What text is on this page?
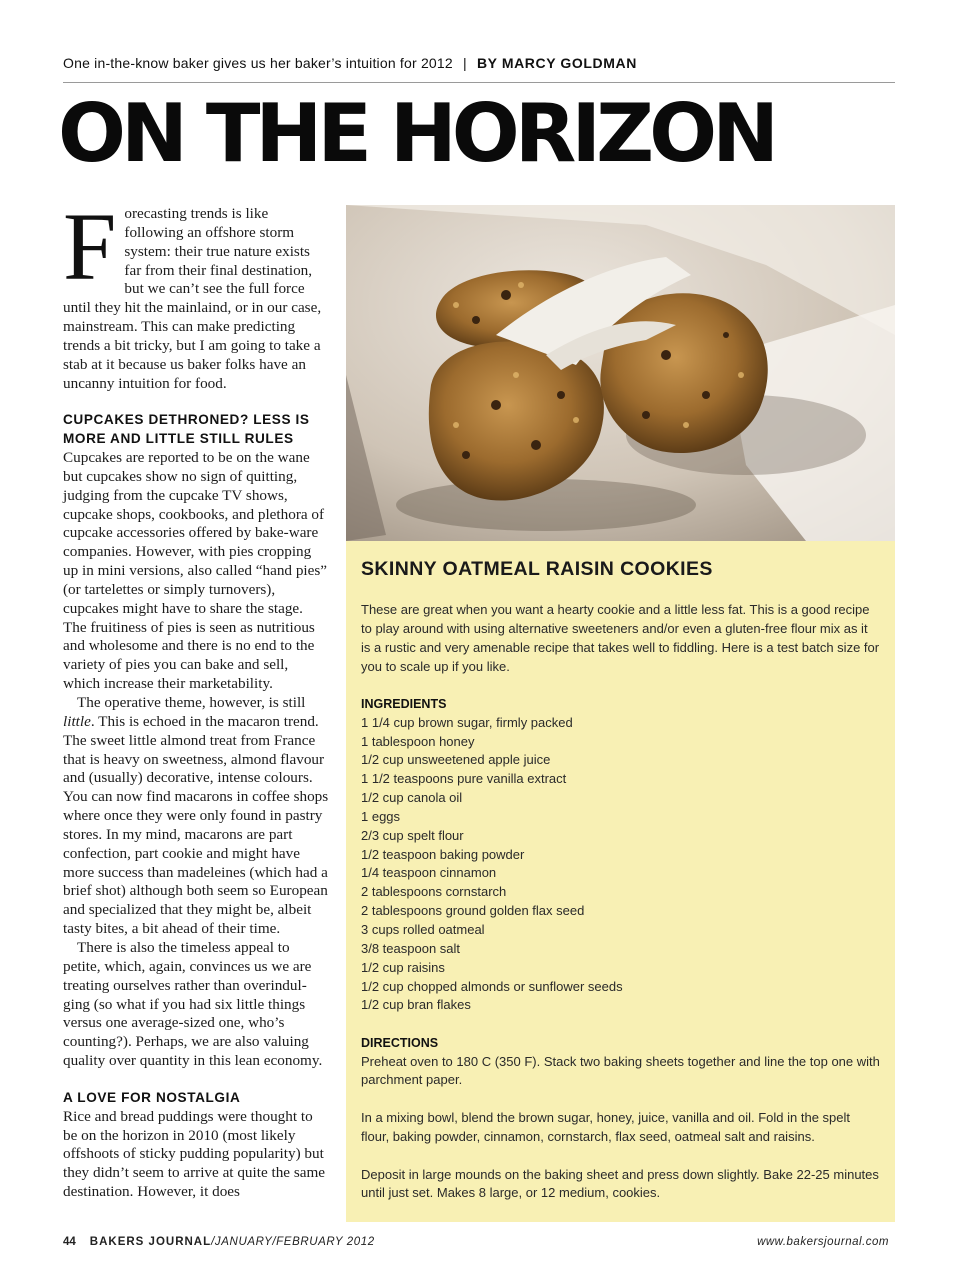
One in-the-know baker gives us her baker’s intuition for 2012 | BY MARCY GOLDMAN
ON THE HORIZON

Forecasting trends is like following an offshore storm system: their true nature exists far from their final destination, but we can’t see the full force until they hit the mainlaind, or in our case, mainstream. This can make predicting trends a bit tricky, but I am going to take a stab at it because us baker folks have an uncanny intuition for food.

CUPCAKES DETHRONED? LESS IS MORE AND LITTLE STILL RULES

Cupcakes are reported to be on the wane but cupcakes show no sign of quitting, judging from the cupcake TV shows, cupcake shops, cookbooks, and plethora of cupcake accessories offered by bake-ware companies. However, with pies cropping up in mini versions, also called “hand pies” (or tartelettes or simply turnovers), cupcakes might have to share the stage. The fruitiness of pies is seen as nutritious and wholesome and there is no end to the variety of pies you can bake and sell, which increase their marketability.

The operative theme, however, is still little. This is echoed in the macaron trend. The sweet little almond treat from France that is heavy on sweetness, almond flavour and (usually) decorative, intense colours. You can now find macarons in coffee shops where once they were only found in pastry stores. In my mind, macarons are part confection, part cookie and might have more success than madeleines (which had a brief shot) although both seem so European and specialized that they might be, albeit tasty bites, a bit ahead of their time.

There is also the timeless appeal to petite, which, again, convinces us we are treating ourselves rather than overindul-ging (so what if you had six little things versus one average-sized one, who’s counting?). Perhaps, we are also valuing quality over quantity in this lean economy.

A LOVE FOR NOSTALGIA

Rice and bread puddings were thought to be on the horizon in 2010 (most likely offshoots of sticky pudding popularity) but they didn’t seem to arrive at quite the same destination. However, it does

SKINNY OATMEAL RAISIN COOKIES

These are great when you want a hearty cookie and a little less fat. This is a good recipe to play around with using alternative sweeteners and/or even a gluten-free flour mix as it is a rustic and very amenable recipe that takes well to fiddling. Here is a test batch size for you to scale up if you like.

INGREDIENTS
1 1/4 cup brown sugar, firmly packed
1 tablespoon honey
1/2 cup unsweetened apple juice
1 1/2 teaspoons pure vanilla extract
1/2 cup canola oil
1 eggs
2/3 cup spelt flour
1/2 teaspoon baking powder
1/4 teaspoon cinnamon
2 tablespoons cornstarch
2 tablespoons ground golden flax seed
3 cups rolled oatmeal
3/8 teaspoon salt
1/2 cup raisins
1/2 cup chopped almonds or sunflower seeds
1/2 cup bran flakes
DIRECTIONS

Preheat oven to 180 C (350 F). Stack two baking sheets together and line the top one with parchment paper.

In a mixing bowl, blend the brown sugar, honey, juice, vanilla and oil. Fold in the spelt flour, baking powder, cinnamon, cornstarch, flax seed, oatmeal salt and raisins.

Deposit in large mounds on the baking sheet and press down slightly. Bake 22-25 minutes until just set. Makes 8 large, or 12 medium, cookies.

44 BAKERS JOURNAL/JANUARY/FEBRUARY 2012	www.bakersjournal.com
